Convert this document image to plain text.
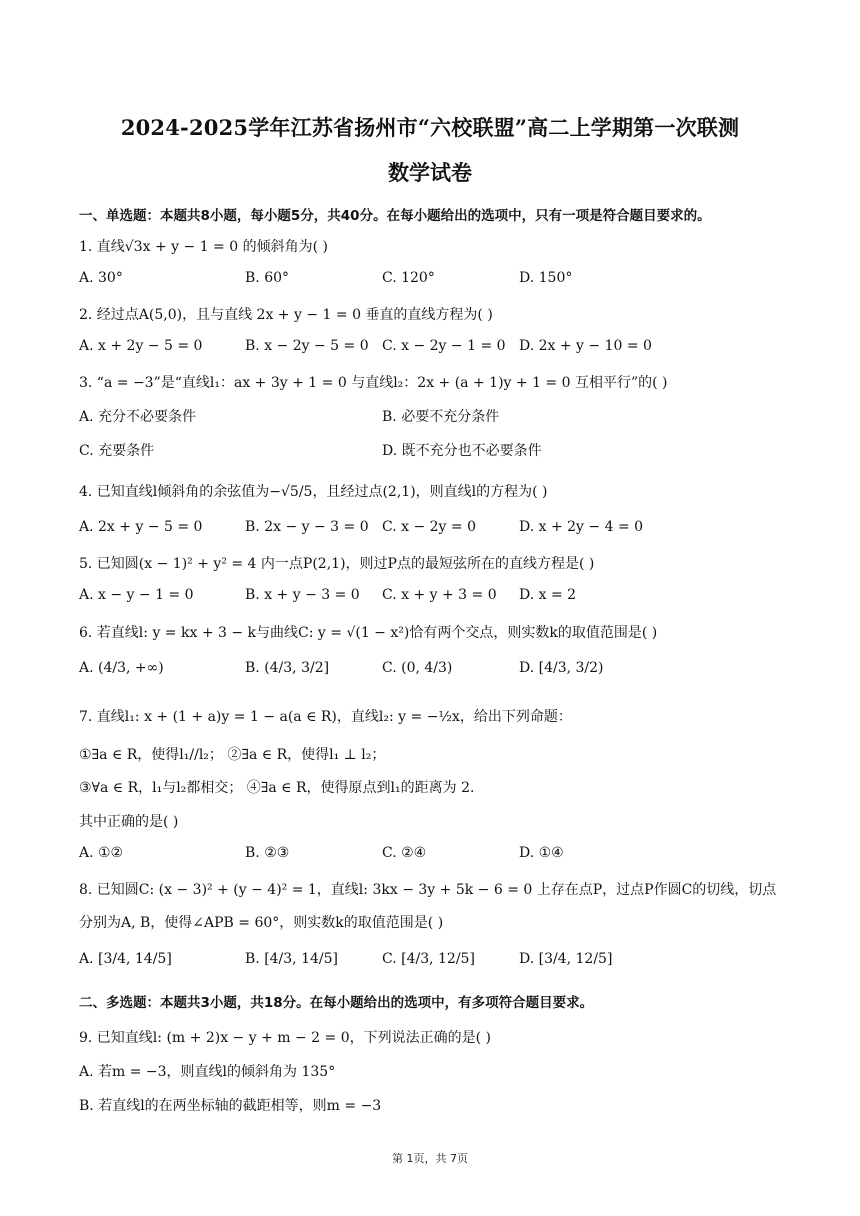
2024-2025学年江苏省扬州市“六校联盟”高二上学期第一次联测
数学试卷
一、单选题：本题共8小题，每小题5分，共40分。在每小题给出的选项中，只有一项是符合题目要求的。
1. 直线√3x + y − 1 = 0 的倾斜角为( )
A. 30°	B. 60°	C. 120°	D. 150°
2. 经过点A(5,0)，且与直线 2x + y − 1 = 0 垂直的直线方程为( )
A. x + 2y − 5 = 0	B. x − 2y − 5 = 0 C. x − 2y − 1 = 0 D. 2x + y − 10 = 0
3. “a = −3”是“直线l₁：ax + 3y + 1 = 0 与直线l₂：2x + (a + 1)y + 1 = 0 互相平行”的( )
A. 充分不必要条件	B. 必要不充分条件
C. 充要条件	D. 既不充分也不必要条件
4. 已知直线l倾斜角的余弦值为−√5/5，且经过点(2,1)，则直线l的方程为( )
A. 2x + y − 5 = 0	B. 2x − y − 3 = 0 C. x − 2y = 0	D. x + 2y − 4 = 0
5. 已知圆(x − 1)² + y² = 4 内一点P(2,1)，则过P点的最短弦所在的直线方程是( )
A. x − y − 1 = 0	B. x + y − 3 = 0 C. x + y + 3 = 0 D. x = 2
6. 若直线l: y = kx + 3 − k与曲线C: y = √(1 − x²)恰有两个交点，则实数k的取值范围是( )
A. (4/3, +∞)	B. (4/3, 3/2]	C. (0, 4/3)	D. [4/3, 3/2)
7. 直线l₁: x + (1 + a)y = 1 − a(a ∈ R)，直线l₂: y = −½x，给出下列命题：
①∃a ∈ R，使得l₁//l₂； ②∃a ∈ R，使得l₁ ⊥ l₂；
③∀a ∈ R，l₁与l₂都相交； ④∃a ∈ R，使得原点到l₁的距离为 2.
其中正确的是( )
A. ①②	B. ②③	C. ②④	D. ①④
8. 已知圆C: (x − 3)² + (y − 4)² = 1，直线l: 3kx − 3y + 5k − 6 = 0 上存在点P，过点P作圆C的切线，切点
分别为A, B，使得∠APB = 60°，则实数k的取值范围是( )
A. [3/4, 14/5]	B. [4/3, 14/5]	C. [4/3, 12/5]	D. [3/4, 12/5]
二、多选题：本题共3小题，共18分。在每小题给出的选项中，有多项符合题目要求。
9. 已知直线l: (m + 2)x − y + m − 2 = 0，下列说法正确的是( )
A. 若m = −3，则直线l的倾斜角为 135°
B. 若直线l的在两坐标轴的截距相等，则m = −3
第 1页，共 7页
